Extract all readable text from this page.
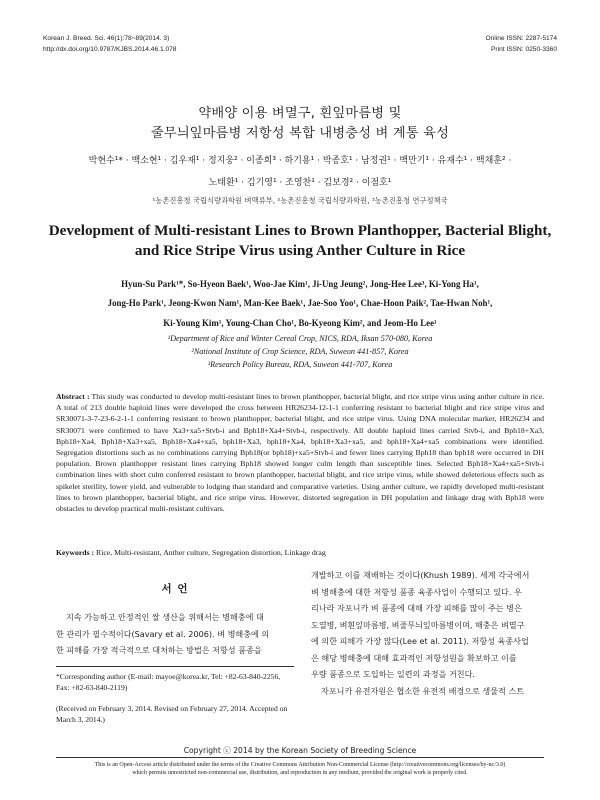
Korean J. Breed. Sci. 46(1):78~89(2014. 3)
http://dx.doi.org/10.9787/KJBS.2014.46.1.078
Online ISSN: 2287-5174
Print ISSN: 0250-3360
약배양 이용 벼멸구, 흰잎마름병 및
줄무늬잎마름병 저항성 복합 내병충성 벼 계통 육성
박현수¹* · 백소현¹ · 김우재¹ · 정지웅² · 이종희³ · 하기용¹ · 박종호¹ · 남정권¹ · 백만기¹ · 유재수¹ · 백채훈² ·
노태환¹ · 김기영¹ · 조영찬¹ · 김보경² · 이점호¹
¹농촌진흥청 국립식량과학원 벼맥류부, ²농촌진흥청 국립식량과학원, ³농촌진흥청 연구정책국
Development of Multi-resistant Lines to Brown Planthopper, Bacterial Blight,
and Rice Stripe Virus using Anther Culture in Rice
Hyun-Su Park¹*, So-Hyeon Baek¹, Woo-Jae Kim¹, Ji-Ung Jeung², Jong-Hee Lee³, Ki-Yong Ha¹,
Jong-Ho Park¹, Jeong-Kwon Nam¹, Man-Kee Baek¹, Jae-Soo Yoo¹, Chae-Hoon Paik², Tae-Hwan Noh¹,
Ki-Young Kim¹, Young-Chan Cho¹, Bo-Kyeong Kim², and Jeom-Ho Lee¹
¹Department of Rice and Winter Cereal Crop, NICS, RDA, Iksan 570-080, Korea
²National Institute of Crop Science, RDA, Suweon 441-857, Korea
³Research Policy Bureau, RDA, Suweon 441-707, Korea
Abstract : This study was conducted to develop multi-resistant lines to brown planthopper, bacterial blight, and rice stripe virus using anther culture in rice. A total of 213 double haploid lines were developed the cross between HR26234-12-1-1 conferring resistant to bacterial blight and rice stripe virus and SR30071-3-7-23-6-2-1-1 conferring resistant to brown planthopper, bacterial blight, and rice stripe virus. Using DNA molecular marker, HR26234 and SR30071 were confirmed to have Xa3+xa5+Stvb-i and Bph18+Xa4+Stvb-i, respectively. All double haploid lines carried Stvb-i, and Bph18+Xa3, Bph18+Xa4, Bph18+Xa3+xa5, Bph18+Xa4+xa5, bph18+Xa3, bph18+Xa4, bph18+Xa3+xa5, and bph18+Xa4+xa5 combinations were identified. Segregation distortions such as no combinations carrying Bph18(or bph18)+xa5+Stvb-i and fewer lines carrying Bph18 than bph18 were occurred in DH population. Brown planthopper resistant lines carrying Bph18 showed longer culm length than susceptible lines. Selected Bph18+Xa4+xa5+Stvb-i combination lines with short culm conferred resistant to brown planthopper, bacterial blight, and rice stripe virus, while showed deleterious effects such as spikelet sterility, lower yield, and vulnerable to lodging than standard and comparative varieties. Using anther culture, we rapidly developed multi-resistant lines to brown planthopper, bacterial blight, and rice stripe virus. However, distorted segregation in DH population and linkage drag with Bph18 were obstacles to develop practical multi-resistant cultivars.
Keywords : Rice, Multi-resistant, Anther culture, Segregation distortion, Linkage drag
서 언
지속 가능하고 안정적인 쌀 생산을 위해서는 병해충에 대
한 관리가 필수적이다(Savary et al. 2006). 벼 병해충에 의
한 피해를 가장 적극적으로 대처하는 방법은 저항성 품종을
*Corresponding author (E-mail: mayoe@korea.kr, Tel: +82-63-840-2256, Fax: +82-63-840-2119)
(Received on February 3, 2014. Revised on February 27, 2014. Accepted on March 3, 2014.)
개발하고 이를 재배하는 것이다(Khush 1989). 세계 각국에서
벼 병해충에 대한 저항성 품종 육종사업이 수행되고 있다. 우
리나라 자포니카 벼 품종에 대해 가장 피해를 많이 주는 병은
도열병, 벼흰잎마름병, 벼줄무늬잎마름병이며, 해충은 벼멸구
에 의한 피해가 가장 많다(Lee et al. 2011). 저항성 육종사업
은 해당 병해충에 대해 효과적인 저항성원을 확보하고 이를
우량 품종으로 도입하는 일련의 과정을 거친다.
자포니카 유전자원은 협소한 유전적 배경으로 생물적 스트
Copyright ⓒ 2014 by the Korean Society of Breeding Science
This is an Open-Access article distributed under the terms of the Creative Commons Attribution Non-Commercial License (http://creativecommons.org/licenses/by-nc/3.0)
which permits unrestricted non-commercial use, distribution, and reproduction in any medium, provided the original work is properly cited.
